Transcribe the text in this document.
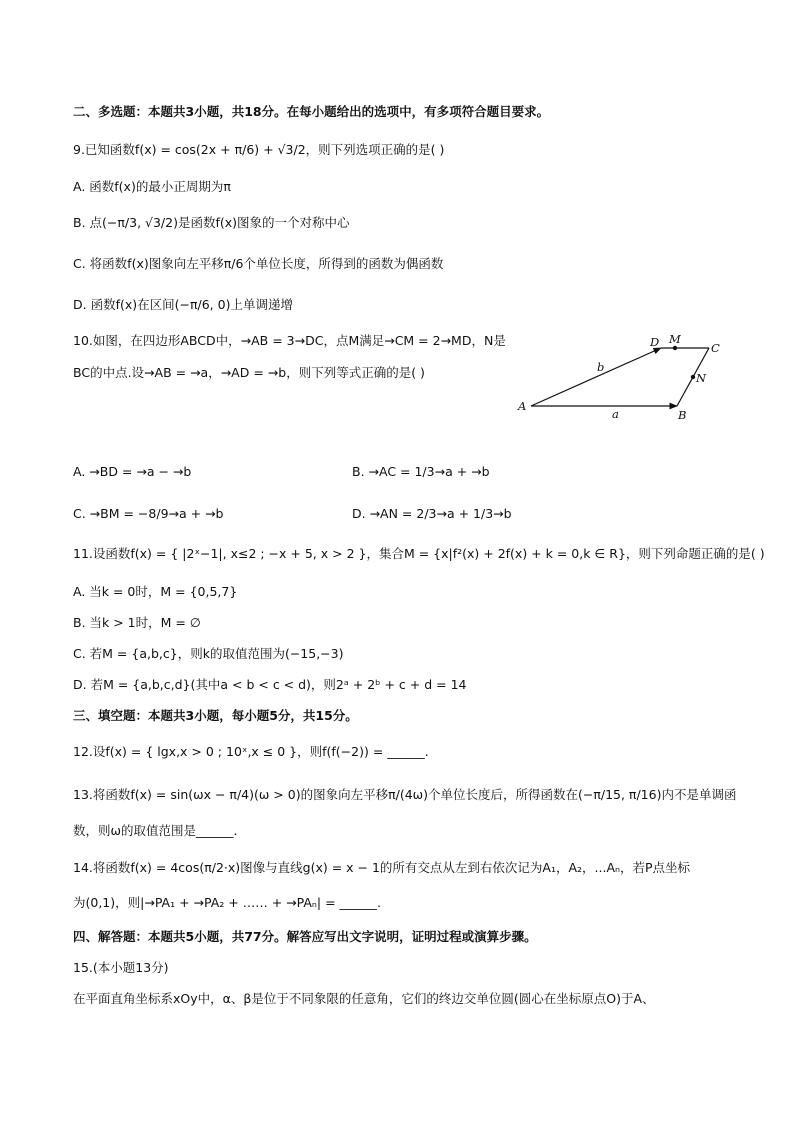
二、多选题：本题共3小题，共18分。在每小题给出的选项中，有多项符合题目要求。
9.已知函数f(x) = cos(2x + π/6) + √3/2，则下列选项正确的是( )
A. 函数f(x)的最小正周期为π
B. 点(−π/3, √3/2)是函数f(x)图象的一个对称中心
C. 将函数f(x)图象向左平移π/6个单位长度，所得到的函数为偶函数
D. 函数f(x)在区间(−π/6, 0)上单调递增
10.如图，在四边形ABCD中，→AB = 3→DC，点M满足→CM = 2→MD，N是
BC的中点.设→AB = →a，→AD = →b，则下列等式正确的是( )
A
B
C
D M
N
b
a
A. →BD = →a − →b	B. →AC = 1/3→a + →b
C. →BM = −8/9→a + →b	D. →AN = 2/3→a + 1/3→b
11.设函数f(x) = { |2ˣ−1|, x≤2 ; −x + 5, x > 2 }，集合M = {x|f²(x) + 2f(x) + k = 0,k ∈ R}，则下列命题正确的是( )
A. 当k = 0时，M = {0,5,7}
B. 当k > 1时，M = ∅
C. 若M = {a,b,c}，则k的取值范围为(−15,−3)
D. 若M = {a,b,c,d}(其中a < b < c < d)，则2ᵃ + 2ᵇ + c + d = 14
三、填空题：本题共3小题，每小题5分，共15分。
12.设f(x) = { lgx,x > 0 ; 10ˣ,x ≤ 0 }，则f(f(−2)) = ______.
13.将函数f(x) = sin(ωx − π/4)(ω > 0)的图象向左平移π/(4ω)个单位长度后，所得函数在(−π/15, π/16)内不是单调函
数，则ω的取值范围是______.
14.将函数f(x) = 4cos(π/2·x)图像与直线g(x) = x − 1的所有交点从左到右依次记为A₁，A₂，...Aₙ，若P点坐标
为(0,1)，则|→PA₁ + →PA₂ + …… + →PAₙ| = ______.
四、解答题：本题共5小题，共77分。解答应写出文字说明，证明过程或演算步骤。
15.(本小题13分)
在平面直角坐标系xOy中，α、β是位于不同象限的任意角，它们的终边交单位圆(圆心在坐标原点O)于A、
